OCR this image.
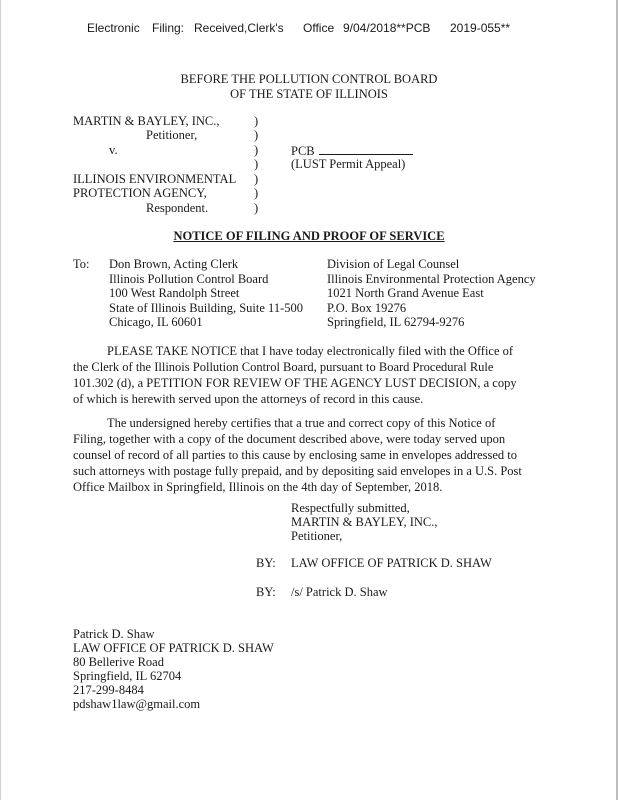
Electronic Filing: Received,Clerk's Office 9/04/2018**PCB 2019-055**
BEFORE THE POLLUTION CONTROL BOARD
OF THE STATE OF ILLINOIS
MARTIN & BAYLEY, INC.,
Petitioner,
v.
ILLINOIS ENVIRONMENTAL
PROTECTION AGENCY,
Respondent.
)
)
)
)
)
)
)
PCB
(LUST Permit Appeal)
NOTICE OF FILING AND PROOF OF SERVICE
To: Don Brown, Acting Clerk
Illinois Pollution Control Board
100 West Randolph Street
State of Illinois Building, Suite 11-500
Chicago, IL 60601
Division of Legal Counsel
Illinois Environmental Protection Agency
1021 North Grand Avenue East
P.O. Box 19276
Springfield, IL 62794-9276
PLEASE TAKE NOTICE that I have today electronically filed with the Office of the Clerk of the Illinois Pollution Control Board, pursuant to Board Procedural Rule 101.302 (d), a PETITION FOR REVIEW OF THE AGENCY LUST DECISION, a copy of which is herewith served upon the attorneys of record in this cause.
The undersigned hereby certifies that a true and correct copy of this Notice of Filing, together with a copy of the document described above, were today served upon counsel of record of all parties to this cause by enclosing same in envelopes addressed to such attorneys with postage fully prepaid, and by depositing said envelopes in a U.S. Post Office Mailbox in Springfield, Illinois on the 4th day of September, 2018.
Respectfully submitted,
MARTIN & BAYLEY, INC.,
Petitioner,
BY: LAW OFFICE OF PATRICK D. SHAW
BY: /s/ Patrick D. Shaw
Patrick D. Shaw
LAW OFFICE OF PATRICK D. SHAW
80 Bellerive Road
Springfield, IL 62704
217-299-8484
pdshaw1law@gmail.com
